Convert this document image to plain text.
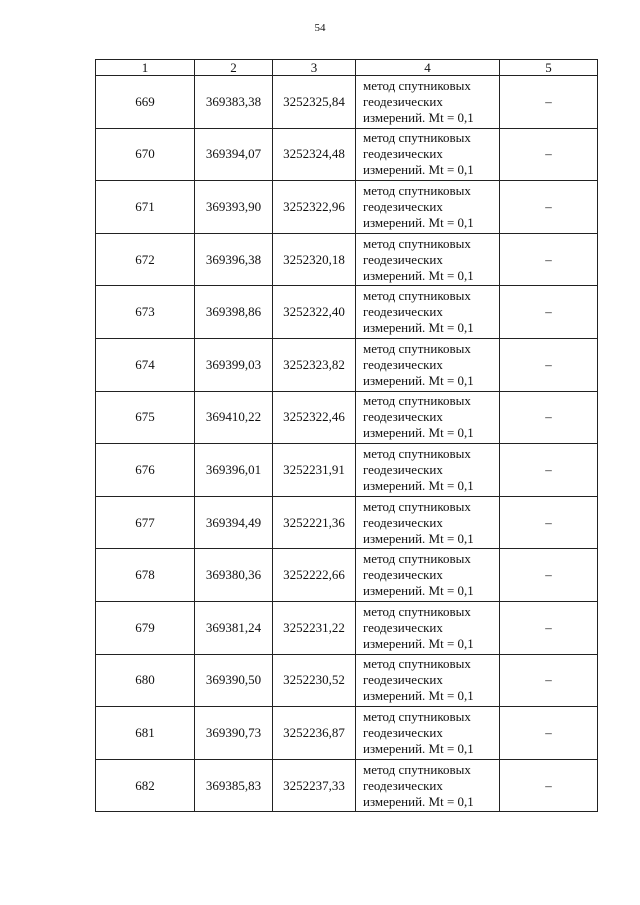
54
1	2	3	4	5
669	369383,38	3252325,84	метод спутниковых
геодезических
измерений. Mt = 0,1	–
670	369394,07	3252324,48	метод спутниковых
геодезических
измерений. Mt = 0,1	–
671	369393,90	3252322,96	метод спутниковых
геодезических
измерений. Mt = 0,1	–
672	369396,38	3252320,18	метод спутниковых
геодезических
измерений. Mt = 0,1	–
673	369398,86	3252322,40	метод спутниковых
геодезических
измерений. Mt = 0,1	–
674	369399,03	3252323,82	метод спутниковых
геодезических
измерений. Mt = 0,1	–
675	369410,22	3252322,46	метод спутниковых
геодезических
измерений. Mt = 0,1	–
676	369396,01	3252231,91	метод спутниковых
геодезических
измерений. Mt = 0,1	–
677	369394,49	3252221,36	метод спутниковых
геодезических
измерений. Mt = 0,1	–
678	369380,36	3252222,66	метод спутниковых
геодезических
измерений. Mt = 0,1	–
679	369381,24	3252231,22	метод спутниковых
геодезических
измерений. Mt = 0,1	–
680	369390,50	3252230,52	метод спутниковых
геодезических
измерений. Mt = 0,1	–
681	369390,73	3252236,87	метод спутниковых
геодезических
измерений. Mt = 0,1	–
682	369385,83	3252237,33	метод спутниковых
геодезических
измерений. Mt = 0,1	–
